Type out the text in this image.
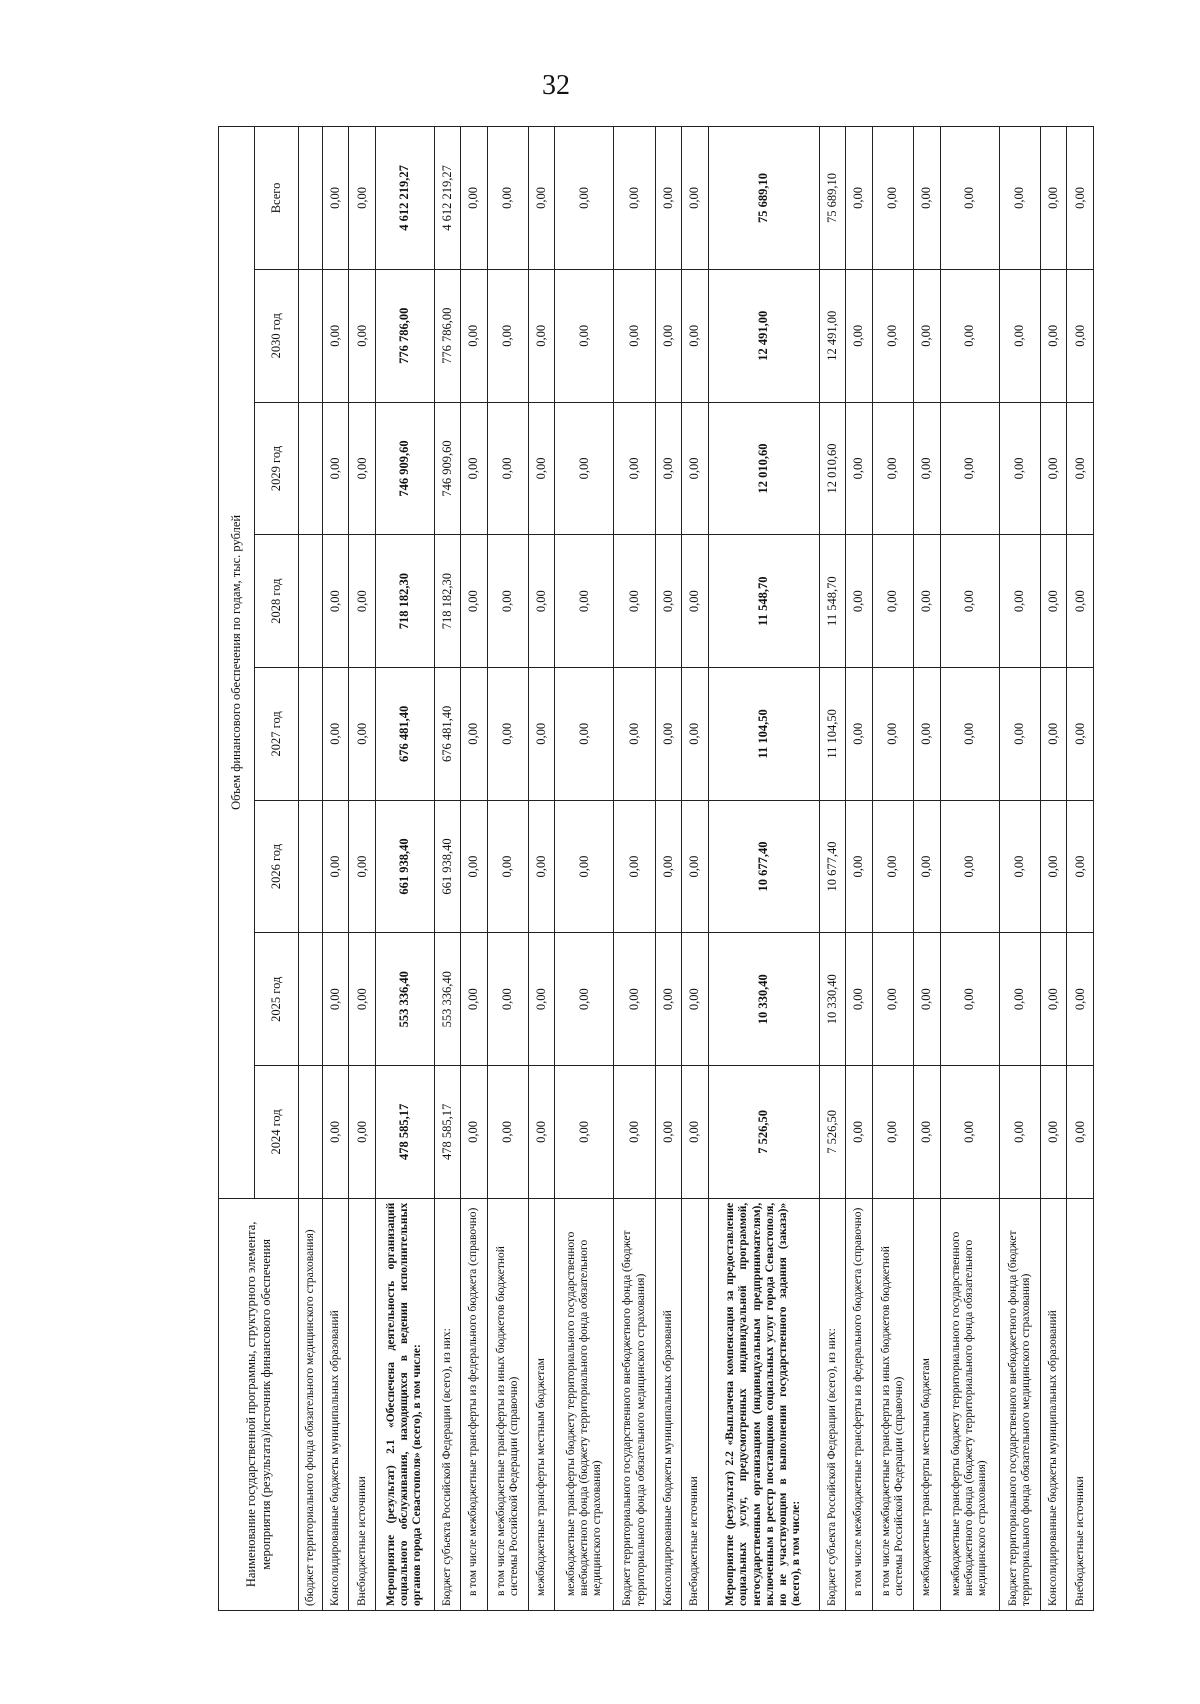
32
Наименование государственной программы, структурного элемента, мероприятия (результата)/источник финансового обеспечения	Объем финансового обеспечения по годам, тыс. рублей							
	2024 год	2025 год	2026 год	2027 год	2028 год	2029 год	2030 год	Всего
(бюджет территориального фонда обязательного медицинского страхования)								
Консолидированные бюджеты муниципальных образований	0,00	0,00	0,00	0,00	0,00	0,00	0,00	0,00
Внебюджетные источники	0,00	0,00	0,00	0,00	0,00	0,00	0,00	0,00
Мероприятие (результат) 2.1 «Обеспечена деятельность организаций социального обслуживания, находящихся в ведении исполнительных органов города Севастополя» (всего), в том числе:	478 585,17	553 336,40	661 938,40	676 481,40	718 182,30	746 909,60	776 786,00	4 612 219,27
Бюджет субъекта Российской Федерации (всего), из них:	478 585,17	553 336,40	661 938,40	676 481,40	718 182,30	746 909,60	776 786,00	4 612 219,27
в том числе межбюджетные трансферты из федерального бюджета (справочно)	0,00	0,00	0,00	0,00	0,00	0,00	0,00	0,00
в том числе межбюджетные трансферты из иных бюджетов бюджетной системы Российской Федерации (справочно)	0,00	0,00	0,00	0,00	0,00	0,00	0,00	0,00
межбюджетные трансферты местным бюджетам	0,00	0,00	0,00	0,00	0,00	0,00	0,00	0,00
межбюджетные трансферты бюджету территориального государственного внебюджетного фонда (бюджету территориального фонда обязательного медицинского страхования)	0,00	0,00	0,00	0,00	0,00	0,00	0,00	0,00
Бюджет территориального государственного внебюджетного фонда (бюджет территориального фонда обязательного медицинского страхования)	0,00	0,00	0,00	0,00	0,00	0,00	0,00	0,00
Консолидированные бюджеты муниципальных образований	0,00	0,00	0,00	0,00	0,00	0,00	0,00	0,00
Внебюджетные источники	0,00	0,00	0,00	0,00	0,00	0,00	0,00	0,00
Мероприятие (результат) 2.2 «Выплачена компенсация за предоставление социальных услуг, предусмотренных индивидуальной программой, негосударственным организациям (индивидуальным предпринимателям), включенным в реестр поставщиков социальных услуг города Севастополя, но не участвующим в выполнении государственного задания (заказа)» (всего), в том числе:	7 526,50	10 330,40	10 677,40	11 104,50	11 548,70	12 010,60	12 491,00	75 689,10
Бюджет субъекта Российской Федерации (всего), из них:	7 526,50	10 330,40	10 677,40	11 104,50	11 548,70	12 010,60	12 491,00	75 689,10
в том числе межбюджетные трансферты из федерального бюджета (справочно)	0,00	0,00	0,00	0,00	0,00	0,00	0,00	0,00
в том числе межбюджетные трансферты из иных бюджетов бюджетной системы Российской Федерации (справочно)	0,00	0,00	0,00	0,00	0,00	0,00	0,00	0,00
межбюджетные трансферты местным бюджетам	0,00	0,00	0,00	0,00	0,00	0,00	0,00	0,00
межбюджетные трансферты бюджету территориального государственного внебюджетного фонда (бюджету территориального фонда обязательного медицинского страхования)	0,00	0,00	0,00	0,00	0,00	0,00	0,00	0,00
Бюджет территориального государственного внебюджетного фонда (бюджет территориального фонда обязательного медицинского страхования)	0,00	0,00	0,00	0,00	0,00	0,00	0,00	0,00
Консолидированные бюджеты муниципальных образований	0,00	0,00	0,00	0,00	0,00	0,00	0,00	0,00
Внебюджетные источники	0,00	0,00	0,00	0,00	0,00	0,00	0,00	0,00
